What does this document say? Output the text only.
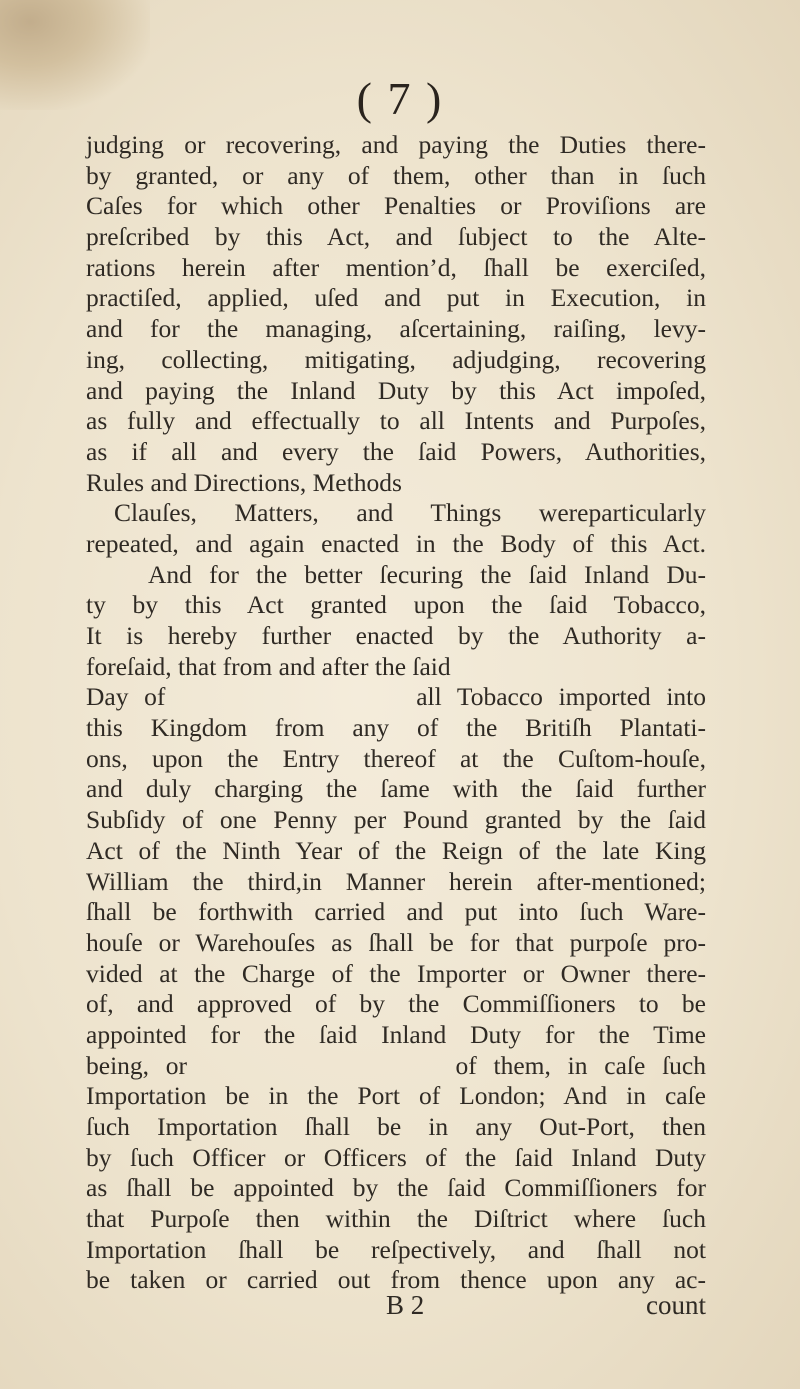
( 7 )
judging or recovering, and paying the Duties there-
by granted, or any of them, other than in ſuch
Caſes for which other Penalties or Proviſions are
preſcribed by this Act, and ſubject to the Alte-
rations herein after mention’d, ſhall be exerciſed,
practiſed, applied, uſed and put in Execution, in
and for the managing, aſcertaining, raiſing, levy-
ing, collecting, mitigating, adjudging, recovering
and paying the Inland Duty by this Act impoſed,
as fully and effectually to all Intents and Purpoſes,
as if all and every the ſaid Powers, Authorities,
Rules and Directions, Methods
Clauſes, Matters, and Things wereparticularly
repeated, and again enacted in the Body of this Act.
And for the better ſecuring the ſaid Inland Du-
ty by this Act granted upon the ſaid Tobacco,
It is hereby further enacted by the Authority a-
foreſaid, that from and after the ſaid
Day of                all Tobacco imported into
this Kingdom from any of the Britiſh Plantati-
ons, upon the Entry thereof at the Cuſtom-houſe,
and duly charging the ſame with the ſaid further
Subſidy of one Penny per Pound granted by the ſaid
Act of the Ninth Year of the Reign of the late King
William the third,in Manner herein after-mentioned;
ſhall be forthwith carried and put into ſuch Ware-
houſe or Warehouſes as ſhall be for that purpoſe pro-
vided at the Charge of the Importer or Owner there-
of, and approved of by the Commiſſioners to be
appointed for the ſaid Inland Duty for the Time
being, or                of them, in caſe ſuch
Importation be in the Port of London; And in caſe
ſuch Importation ſhall be in any Out-Port, then
by ſuch Officer or Officers of the ſaid Inland Duty
as ſhall be appointed by the ſaid Commiſſioners for
that Purpoſe then within the Diſtrict where ſuch
Importation ſhall be reſpectively, and ſhall not
be taken or carried out from thence upon any ac-
B 2	count
